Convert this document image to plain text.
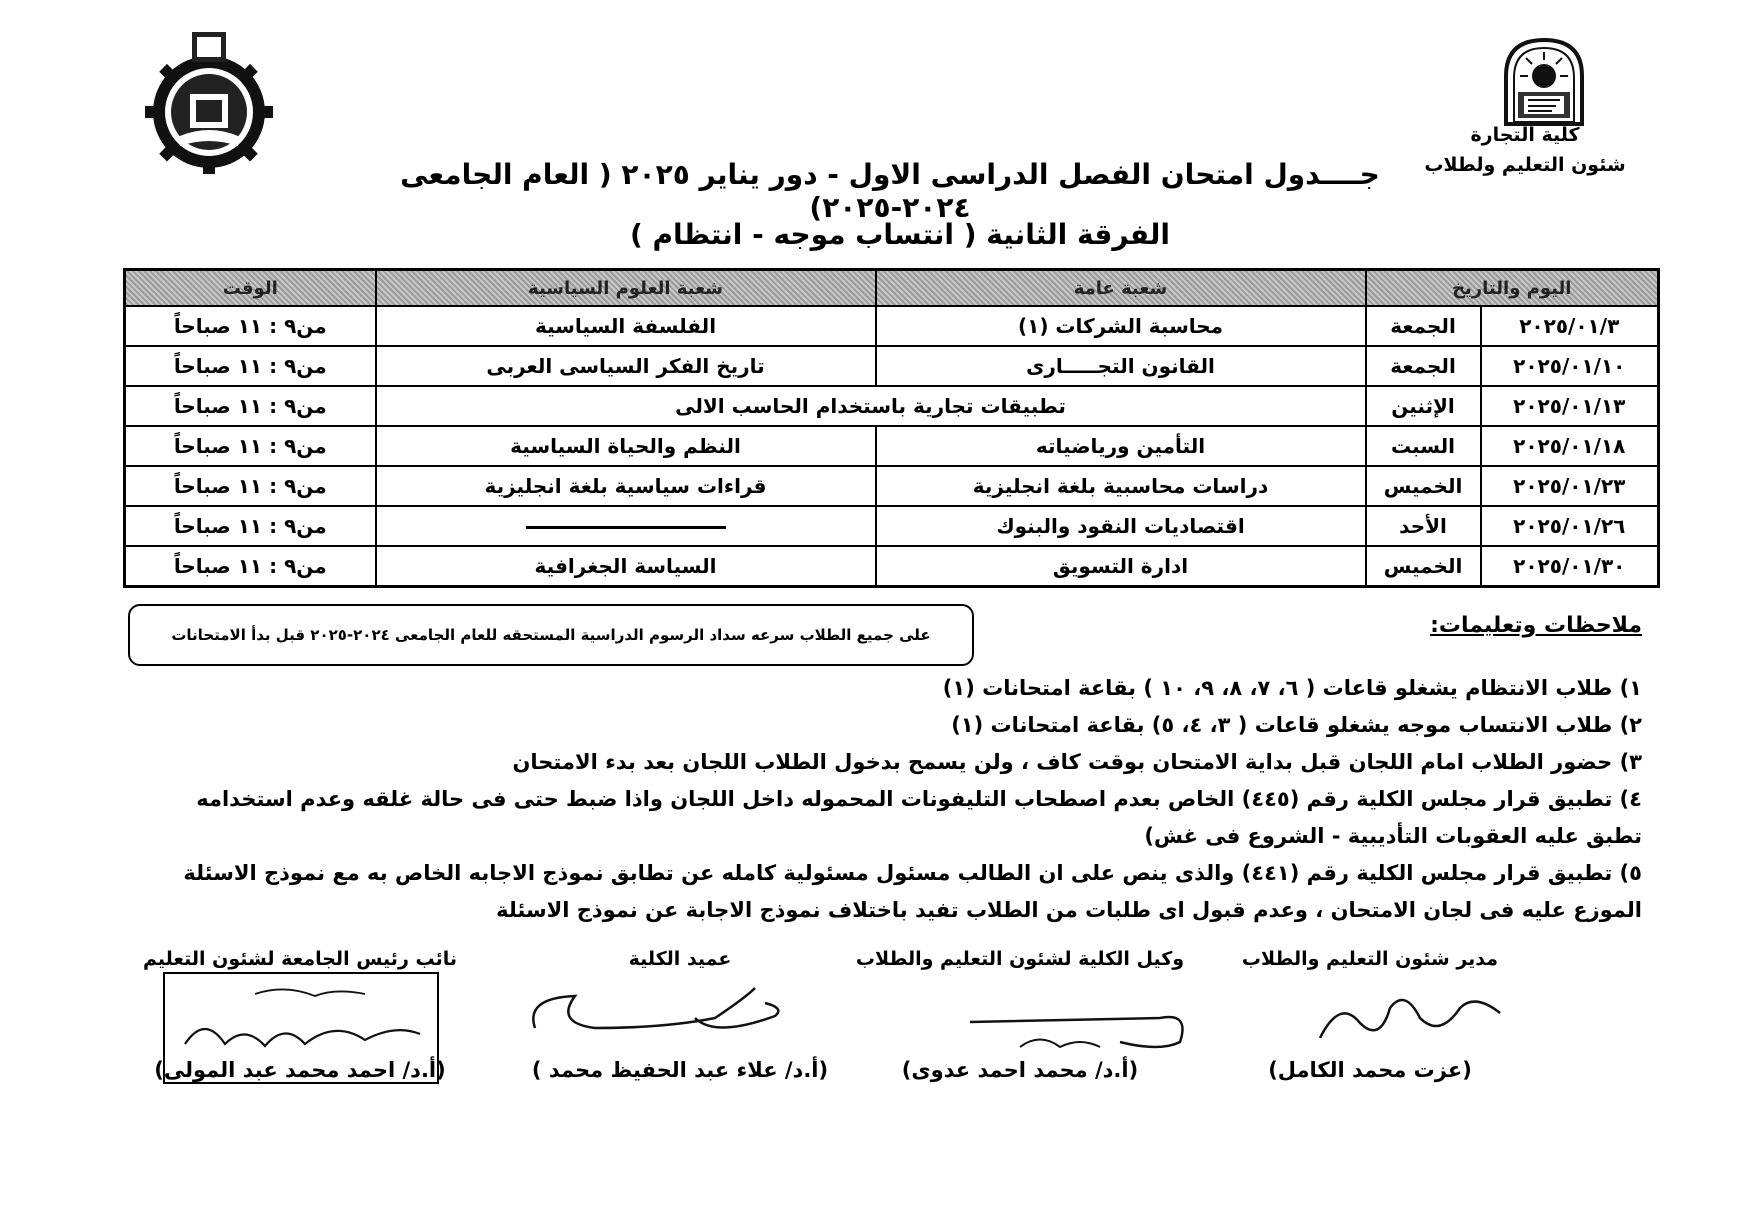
كلية التجارة
شئون التعليم ولطلاب
جــــدول امتحان الفصل الدراسى الاول - دور يناير ٢٠٢٥ ( العام الجامعى ٢٠٢٤-٢٠٢٥)
الفرقة الثانية ( انتساب موجه - انتظام )
الوقت	شعبة العلوم السياسية	شعبة عامة	اليوم والتاريخ	
من٩ : ١١ صباحاً	الفلسفة السياسية	محاسبة الشركات (١)	الجمعة	٢٠٢٥/٠١/٣
من٩ : ١١ صباحاً	تاريخ الفكر السياسى العربى	القانون التجـــــارى	الجمعة	٢٠٢٥/٠١/١٠
من٩ : ١١ صباحاً	تطبيقات تجارية باستخدام الحاسب الالى		الإثنين	٢٠٢٥/٠١/١٣
من٩ : ١١ صباحاً	النظم والحياة السياسية	التأمين ورياضياته	السبت	٢٠٢٥/٠١/١٨
من٩ : ١١ صباحاً	قراءات سياسية بلغة انجليزية	دراسات محاسبية بلغة انجليزية	الخميس	٢٠٢٥/٠١/٢٣
من٩ : ١١ صباحاً		اقتصاديات النقود والبنوك	الأحد	٢٠٢٥/٠١/٢٦
من٩ : ١١ صباحاً	السياسة الجغرافية	ادارة التسويق	الخميس	٢٠٢٥/٠١/٣٠
ملاحظات وتعليمات:
على جميع الطلاب سرعه سداد الرسوم الدراسية المستحقه للعام الجامعى ٢٠٢٤-٢٠٢٥ قبل بدأ الامتحانات

١) طلاب الانتظام يشغلو قاعات ( ٦، ٧، ٨، ٩، ١٠ ) بقاعة امتحانات (١)

٢) طلاب الانتساب موجه يشغلو قاعات ( ٣، ٤، ٥) بقاعة امتحانات (١)

٣) حضور الطلاب امام اللجان قبل بداية الامتحان بوقت كاف ، ولن يسمح بدخول الطلاب اللجان بعد بدء الامتحان

٤) تطبيق قرار مجلس الكلية رقم (٤٤٥) الخاص بعدم اصطحاب التليفونات المحموله داخل اللجان واذا ضبط حتى فى حالة غلقه وعدم استخدامه تطبق عليه العقوبات التأديبية - الشروع فى غش)

٥) تطبيق قرار مجلس الكلية رقم (٤٤١) والذى ينص على ان الطالب مسئول مسئولية كامله عن تطابق نموذج الاجابه الخاص به مع نموذج الاسئلة الموزع عليه فى لجان الامتحان ، وعدم قبول اى طلبات من الطلاب تفيد باختلاف نموذج الاجابة عن نموذج الاسئلة

مدير شئون التعليم والطلاب
وكيل الكلية لشئون التعليم والطلاب
عميد الكلية
نائب رئيس الجامعة لشئون التعليم
(عزت محمد الكامل)
(أ.د/ محمد احمد عدوى)
(أ.د/ علاء عبد الحفيظ محمد )
(أ.د/ احمد محمد عبد المولى)
